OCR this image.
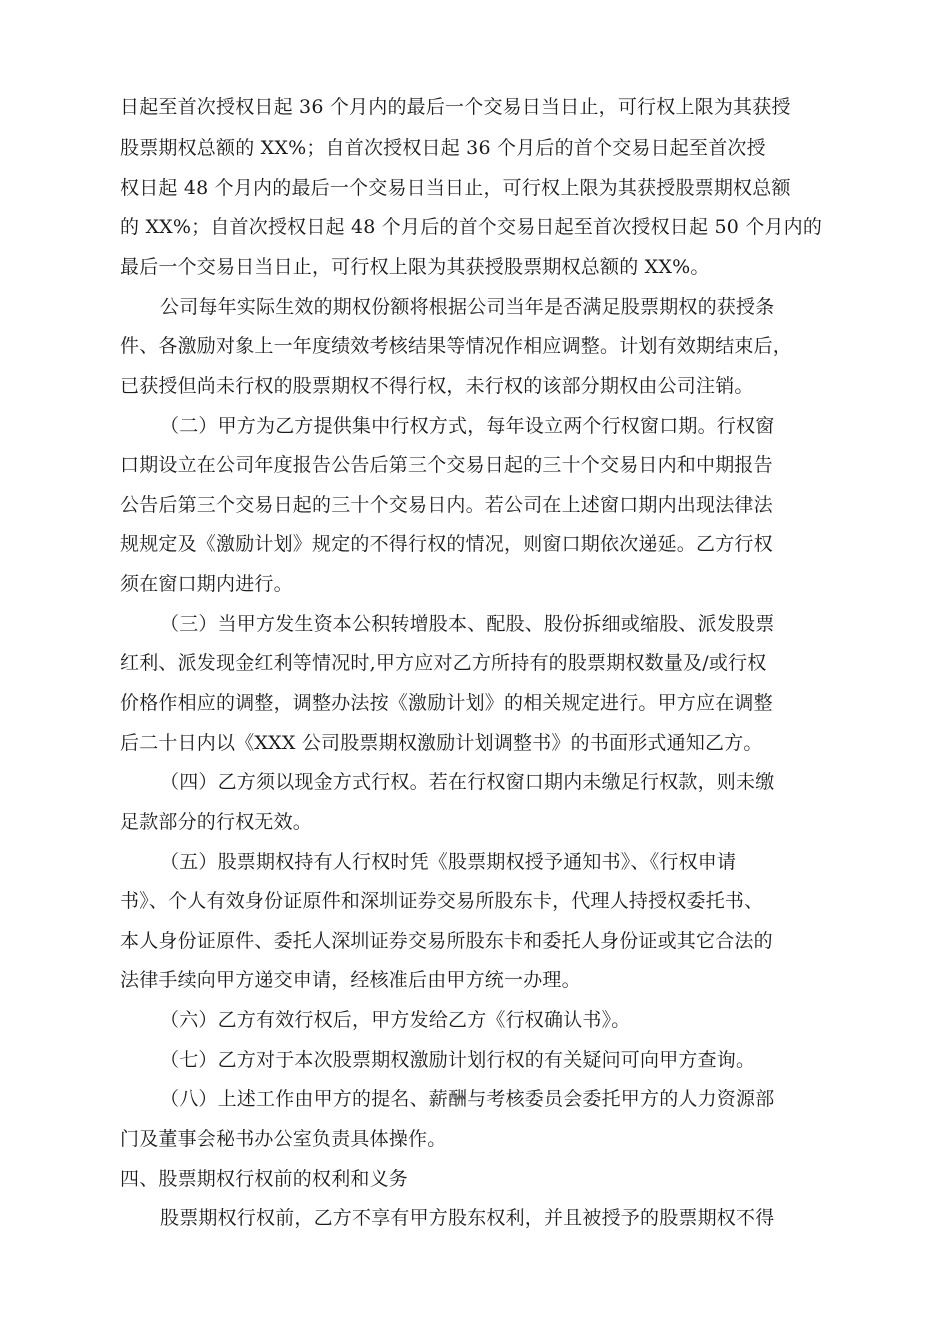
日起至首次授权日起 36 个月内的最后一个交易日当日止，可行权上限为其获授
股票期权总额的 XX%；自首次授权日起 36 个月后的首个交易日起至首次授
权日起 48 个月内的最后一个交易日当日止，可行权上限为其获授股票期权总额
的 XX%；自首次授权日起 48 个月后的首个交易日起至首次授权日起 50 个月内的
最后一个交易日当日止，可行权上限为其获授股票期权总额的 XX%。
公司每年实际生效的期权份额将根据公司当年是否满足股票期权的获授条
件、各激励对象上一年度绩效考核结果等情况作相应调整。计划有效期结束后，
已获授但尚未行权的股票期权不得行权，未行权的该部分期权由公司注销。
（二）甲方为乙方提供集中行权方式，每年设立两个行权窗口期。行权窗
口期设立在公司年度报告公告后第三个交易日起的三十个交易日内和中期报告
公告后第三个交易日起的三十个交易日内。若公司在上述窗口期内出现法律法
规规定及《激励计划》规定的不得行权的情况，则窗口期依次递延。乙方行权
须在窗口期内进行。
（三）当甲方发生资本公积转增股本、配股、股份拆细或缩股、派发股票
红利、派发现金红利等情况时,甲方应对乙方所持有的股票期权数量及/或行权
价格作相应的调整，调整办法按《激励计划》的相关规定进行。甲方应在调整
后二十日内以《XXX 公司股票期权激励计划调整书》的书面形式通知乙方。
（四）乙方须以现金方式行权。若在行权窗口期内未缴足行权款，则未缴
足款部分的行权无效。
（五）股票期权持有人行权时凭《股票期权授予通知书》、《行权申请
书》、个人有效身份证原件和深圳证券交易所股东卡，代理人持授权委托书、
本人身份证原件、委托人深圳证券交易所股东卡和委托人身份证或其它合法的
法律手续向甲方递交申请，经核准后由甲方统一办理。
（六）乙方有效行权后，甲方发给乙方《行权确认书》。
（七）乙方对于本次股票期权激励计划行权的有关疑问可向甲方查询。
（八）上述工作由甲方的提名、薪酬与考核委员会委托甲方的人力资源部
门及董事会秘书办公室负责具体操作。
四、股票期权行权前的权利和义务
股票期权行权前，乙方不享有甲方股东权利，并且被授予的股票期权不得
